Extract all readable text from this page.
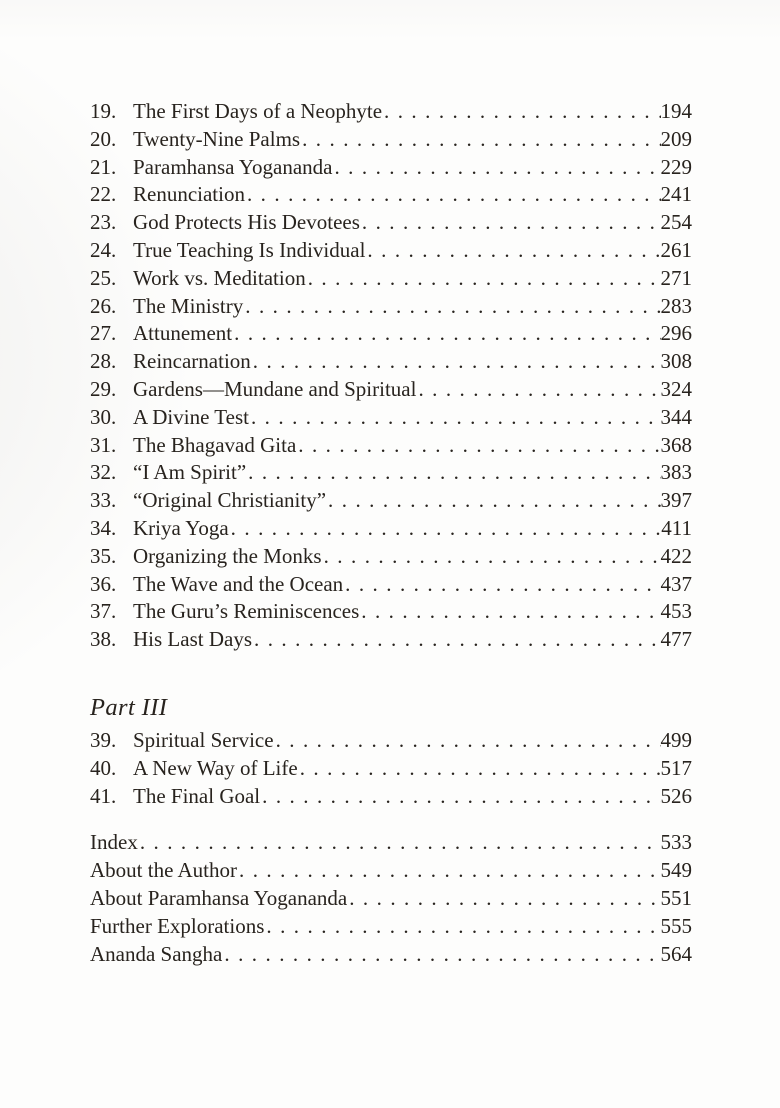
19. The First Days of a Neophyte . . .	194
20. Twenty-Nine Palms . . .	209
21. Paramhansa Yogananda . . .	229
22. Renunciation . . .	241
23. God Protects His Devotees . . .	254
24. True Teaching Is Individual . . .	261
25. Work vs. Meditation . . .	271
26. The Ministry . . .	283
27. Attunement . . .	296
28. Reincarnation . . .	308
29. Gardens—Mundane and Spiritual . . .	324
30. A Divine Test . . .	344
31. The Bhagavad Gita . . .	368
32. “I Am Spirit” . . .	383
33. “Original Christianity” . . .	397
34. Kriya Yoga . . .	411
35. Organizing the Monks . . .	422
36. The Wave and the Ocean . . .	437
37. The Guru’s Reminiscences . . .	453
38. His Last Days . . .	477
Part III
39. Spiritual Service . . .	499
40. A New Way of Life . . .	517
41. The Final Goal . . .	526
Index . . .	533
About the Author . . .	549
About Paramhansa Yogananda . . .	551
Further Explorations . . .	555
Ananda Sangha . . .	564
